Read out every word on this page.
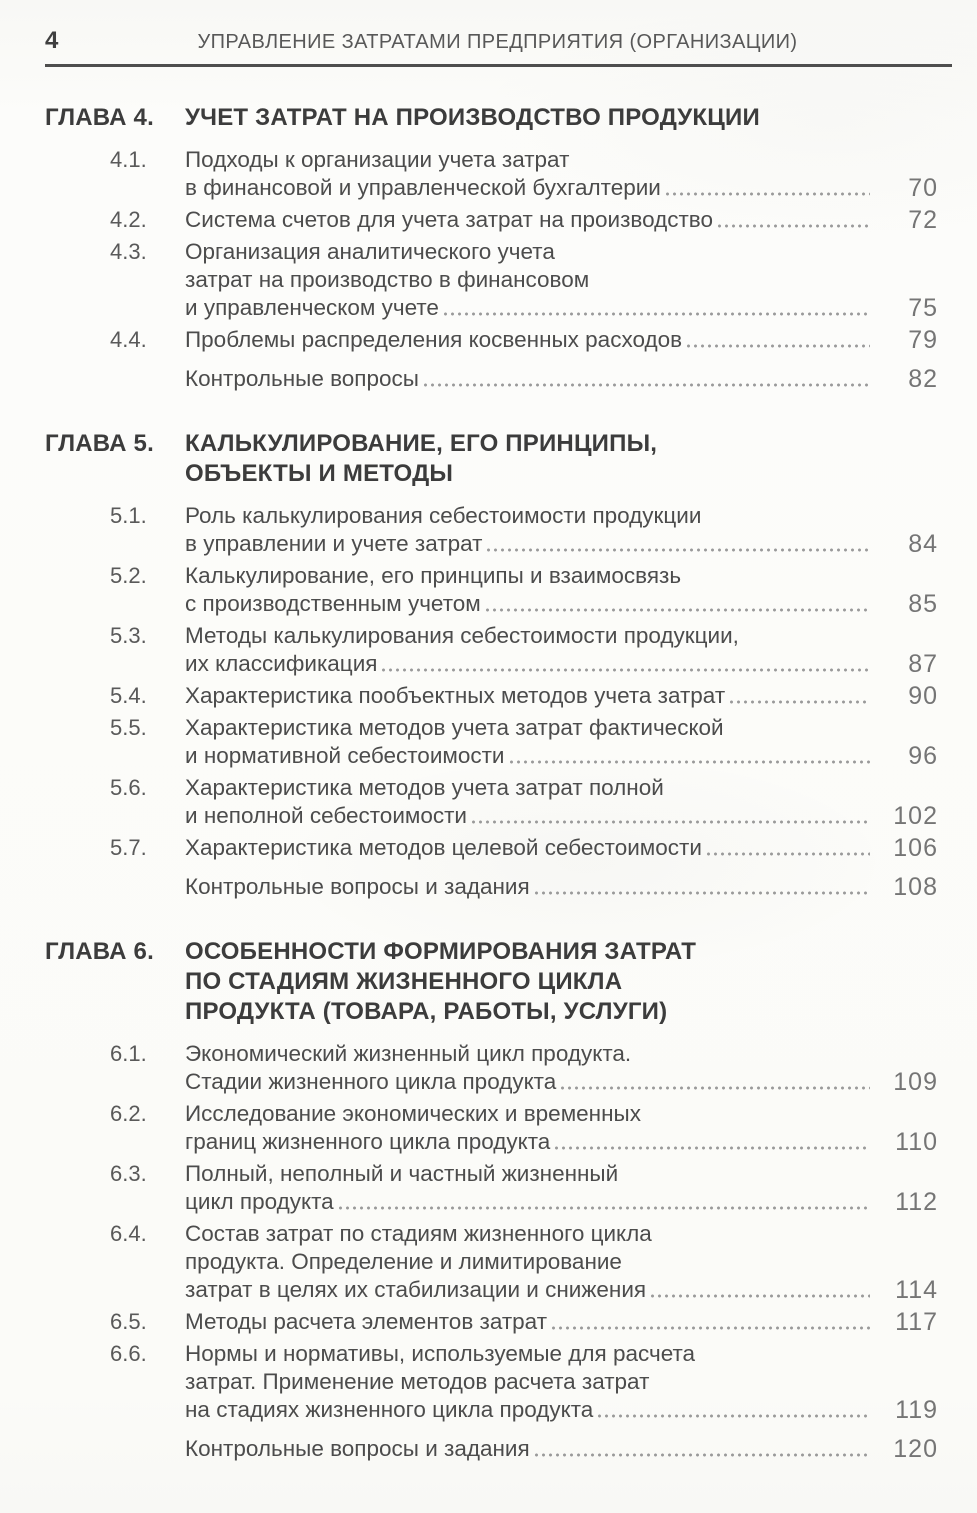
4	УПРАВЛЕНИЕ ЗАТРАТАМИ ПРЕДПРИЯТИЯ (ОРГАНИЗАЦИИ)
ГЛАВА 4.	УЧЕТ ЗАТРАТ НА ПРОИЗВОДСТВО ПРОДУКЦИИ
4.1.	Подходы к организации учета затрат
в финансовой и управленческой бухгалтерии	70
4.2.	Система счетов для учета затрат на производство	72
4.3.	Организация аналитического учета
затрат на производство в финансовом
и управленческом учете	75
4.4.	Проблемы распределения косвенных расходов	79
Контрольные вопросы	82
ГЛАВА 5.	КАЛЬКУЛИРОВАНИЕ, ЕГО ПРИНЦИПЫ,
ОБЪЕКТЫ И МЕТОДЫ
5.1.	Роль калькулирования себестоимости продукции
в управлении и учете затрат	84
5.2.	Калькулирование, его принципы и взаимосвязь
с производственным учетом	85
5.3.	Методы калькулирования себестоимости продукции,
их классификация	87
5.4.	Характеристика пообъектных методов учета затрат	90
5.5.	Характеристика методов учета затрат фактической
и нормативной себестоимости	96
5.6.	Характеристика методов учета затрат полной
и неполной себестоимости	102
5.7.	Характеристика методов целевой себестоимости	106
Контрольные вопросы и задания	108
ГЛАВА 6.	ОСОБЕННОСТИ ФОРМИРОВАНИЯ ЗАТРАТ
ПО СТАДИЯМ ЖИЗНЕННОГО ЦИКЛА
ПРОДУКТА (ТОВАРА, РАБОТЫ, УСЛУГИ)
6.1.	Экономический жизненный цикл продукта.
Стадии жизненного цикла продукта	109
6.2.	Исследование экономических и временных
границ жизненного цикла продукта	110
6.3.	Полный, неполный и частный жизненный
цикл продукта	112
6.4.	Состав затрат по стадиям жизненного цикла
продукта. Определение и лимитирование
затрат в целях их стабилизации и снижения	114
6.5.	Методы расчета элементов затрат	117
6.6.	Нормы и нормативы, используемые для расчета
затрат. Применение методов расчета затрат
на стадиях жизненного цикла продукта	119
Контрольные вопросы и задания	120
